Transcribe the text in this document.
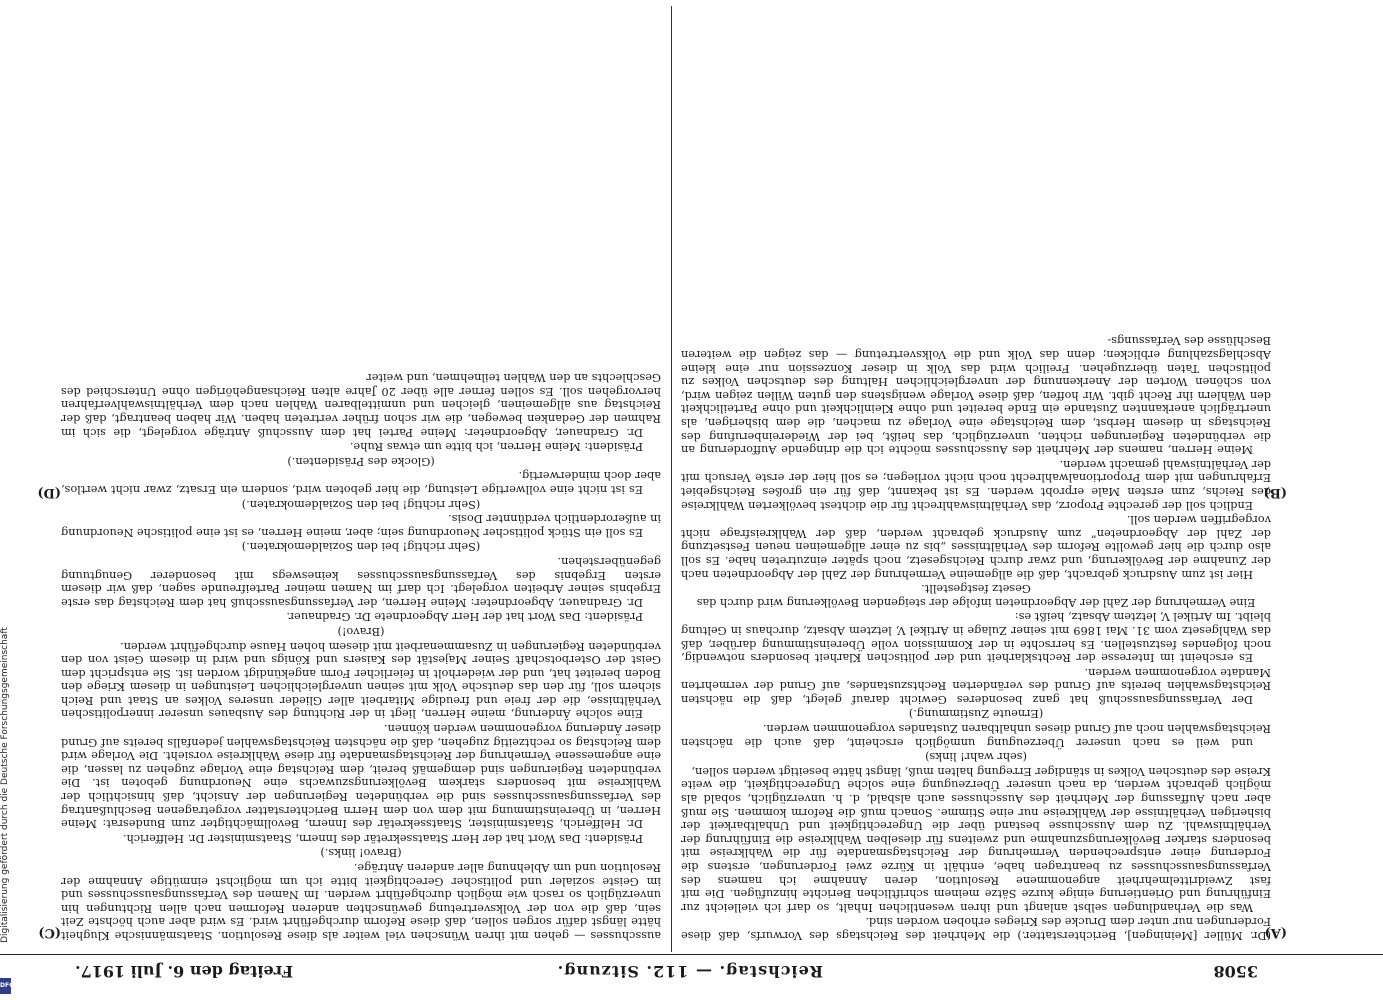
3508
Reichstag. — 112. Sitzung.
Freitag den 6. Juli 1917.
(A)
(B)
(C)
(D)

(Dr. Müller [Meiningen], Berichterstatter.) die Mehrheit des Reichstags des Vorwurfs, daß diese Forderungen nur unter dem Drucke des Krieges erhoben worden sind.

Was die Verhandlungen selbst anlangt und ihren wesentlichen Inhalt, so darf ich vielleicht zur Einführung und Orientierung einige kurze Sätze meinem schriftlichen Berichte hinzufügen. Die mit fast Zweidrittelmehrheit angenommene Resolution, deren Annahme ich namens des Verfassungsausschusses zu beantragen habe, enthält in Kürze zwei Forderungen, erstens die Forderung einer entsprechenden Vermehrung der Reichstagsmandate für die Wahlkreise mit besonders starker Bevölkerungszunahme und zweitens für dieselben Wahlkreise die Einführung der Verhältniswahl. Zu dem Ausschusse bestand über die Ungerechtigkeit und Unhaltbarkeit der bisherigen Verhältnisse der Wahlkreise nur eine Stimme. Sonach muß die Reform kommen. Sie muß aber nach Auffassung der Mehrheit des Ausschusses auch alsbald, d. h. unverzüglich, sobald als möglich gebracht werden, da nach unserer Überzeugung eine solche Ungerechtigkeit, die weite Kreise des deutschen Volkes in ständiger Erregung halten muß, längst hätte beseitigt werden sollen,

(sehr wahr! links)

und weil es nach unserer Überzeugung unmöglich erscheint, daß auch die nächsten Reichstagswahlen noch auf Grund dieses unhaltbaren Zustandes vorgenommen werden.

(Erneute Zustimmung.)

Der Verfassungsausschuß hat ganz besonderes Gewicht darauf gelegt, daß die nächsten Reichstagswahlen bereits auf Grund des veränderten Rechtszustandes, auf Grund der vermehrten Mandate vorgenommen werden.

Es erscheint im Interesse der Rechtsklarheit und der politischen Klarheit besonders notwendig, noch folgendes festzustellen. Es herrschte in der Kommission volle Übereinstimmung darüber, daß das Wahlgesetz vom 31. Mai 1869 mit seiner Zulage in Artikel V, letztem Absatz, durchaus in Geltung bleibt. Im Artikel V, letztem Absatz, heißt es:

Eine Vermehrung der Zahl der Abgeordneten infolge der steigenden Bevölkerung wird durch das Gesetz festgestellt.

Hier ist zum Ausdruck gebracht, daß die allgemeine Vermehrung der Zahl der Abgeordneten nach der Zunahme der Bevölkerung, und zwar durch Reichsgesetz, noch später einzutreten habe. Es soll also durch die hier gewollte Reform des Verhältnisses „bis zu einer allgemeinen neuen Festsetzung der Zahl der Abgeordneten“ zum Ausdruck gebracht werden, daß der Wahlkreisfrage nicht vorgegriffen werden soll.

Endlich soll der gerechte Proporz, das Verhältniswahlrecht für die dichtest bevölkerten Wahlkreise des Reichs, zum ersten Male erprobt werden. Es ist bekannt, daß für ein großes Reichsgebiet Erfahrungen mit dem Proportionalwahlrecht noch nicht vorliegen; es soll hier der erste Versuch mit der Verhältniswahl gemacht werden.

Meine Herren, namens der Mehrheit des Ausschusses möchte ich die dringende Aufforderung an die verbündeten Regierungen richten, unverzüglich, das heißt, bei der Wiedereinberufung des Reichstags in diesem Herbst, dem Reichstage eine Vorlage zu machen, die dem bisherigen, als unerträglich anerkannten Zustande ein Ende bereitet und ohne Kleinlichkeit und ohne Parteilichkeit den Wählern ihr Recht gibt. Wir hoffen, daß diese Vorlage wenigstens den guten Willen zeigen wird, von schönen Worten der Anerkennung der unvergleichlichen Haltung des deutschen Volkes zu politischen Taten überzugehen. Freilich wird das Volk in dieser Konzession nur eine kleine Abschlagszahlung erblicken; denn das Volk und die Volksvertretung — das zeigen die weiteren Beschlüsse des Verfassungs-

ausschusses — gehen mit ihren Wünschen viel weiter als diese Resolution. Staatsmännische Klugheit hätte längst dafür sorgen sollen, daß diese Reform durchgeführt wird. Es wird aber auch höchste Zeit sein, daß die von der Volksvertretung gewünschten anderen Reformen nach allen Richtungen hin unverzüglich so rasch wie möglich durchgeführt werden. Im Namen des Verfassungsausschusses und im Geiste sozialer und politischer Gerechtigkeit bitte ich um möglichst einmütige Annahme der Resolution und um Ablehnung aller anderen Anträge.

(Bravo! links.)

Präsident: Das Wort hat der Herr Staatssekretär des Innern, Staatsminister Dr. Helfferich.

Dr. Helfferich, Staatsminister, Staatssekretär des Innern, Bevollmächtigter zum Bundesrat: Meine Herren, in Übereinstimmung mit dem von dem Herrn Berichterstatter vorgetragenen Beschlußantrag des Verfassungsausschusses sind die verbündeten Regierungen der Ansicht, daß hinsichtlich der Wahlkreise mit besonders starkem Bevölkerungszuwachs eine Neuordnung geboten ist. Die verbündeten Regierungen sind demgemäß bereit, dem Reichstag eine Vorlage zugehen zu lassen, die eine angemessene Vermehrung der Reichstagsmandate für diese Wahlkreise vorsieht. Die Vorlage wird dem Reichstag so rechtzeitig zugehen, daß die nächsten Reichstagswahlen jedenfalls bereits auf Grund dieser Änderung vorgenommen werden können.

Eine solche Änderung, meine Herren, liegt in der Richtung des Ausbaues unserer innerpolitischen Verhältnisse, die der freie und freudige Mitarbeit aller Glieder unseres Volkes an Staat und Reich sichern soll, für den das deutsche Volk mit seinen unvergleichlichen Leistungen in diesem Kriege den Boden bereitet hat, und der wiederholt in feierlicher Form angekündigt worden ist. Sie entspricht dem Geist der Osterbotschaft Seiner Majestät des Kaisers und Königs und wird in diesem Geist von den verbündeten Regierungen in Zusammenarbeit mit diesem hohen Hause durchgeführt werden.

(Bravo!)

Präsident: Das Wort hat der Herr Abgeordnete Dr. Gradnauer.

Dr. Gradnauer, Abgeordneter: Meine Herren, der Verfassungsausschuß hat dem Reichstag das erste Ergebnis seiner Arbeiten vorgelegt. Ich darf im Namen meiner Parteifreunde sagen, daß wir diesem ersten Ergebnis des Verfassungsausschusses keineswegs mit besonderer Genugtuung gegenüberstehen.

(Sehr richtig! bei den Sozialdemokraten.)

Es soll ein Stück politischer Neuordnung sein; aber, meine Herren, es ist eine politische Neuordnung in außerordentlich verdünnter Dosis.

(Sehr richtig! bei den Sozialdemokraten.)

Es ist nicht eine vollwertige Leistung, die hier geboten wird, sondern ein Ersatz, zwar nicht wertlos, aber doch minderwertig.

(Glocke des Präsidenten.)

Präsident: Meine Herren, ich bitte um etwas Ruhe.

Dr. Gradnauer, Abgeordneter: Meine Partei hat dem Ausschuß Anträge vorgelegt, die sich im Rahmen der Gedanken bewegen, die wir schon früher vertreten haben. Wir haben beantragt, daß der Reichstag aus allgemeinen, gleichen und unmittelbaren Wahlen nach dem Verhältniswahlverfahren hervorgehen soll. Es sollen ferner alle über 20 Jahre alten Reichsangehörigen ohne Unterschied des Geschlechts an den Wahlen teilnehmen, und weiter

Digitalisierung gefördert durch die Deutsche Forschungsgemeinschaft
DFG
